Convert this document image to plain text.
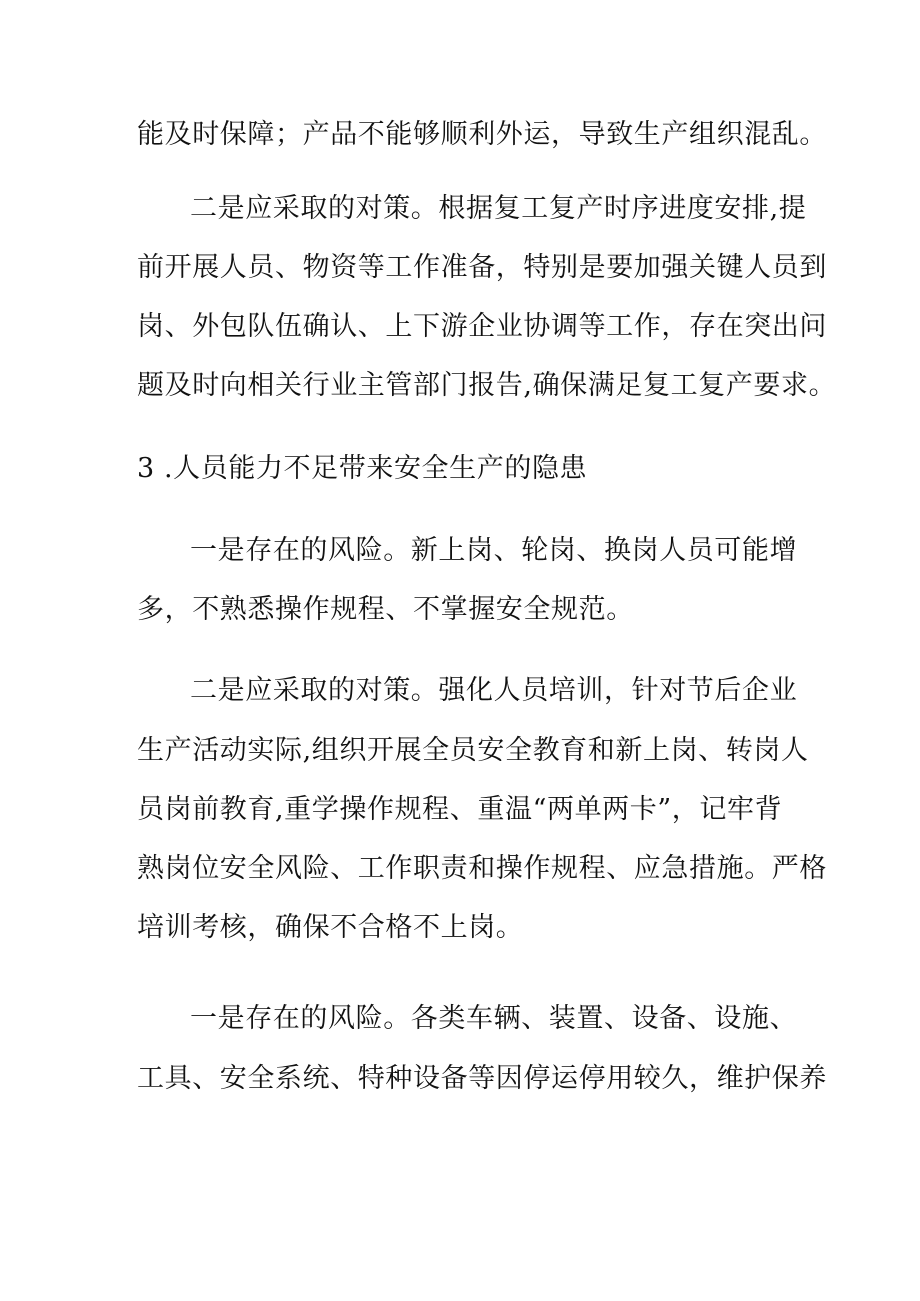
能及时保障；产品不能够顺利外运，导致生产组织混乱。
二是应采取的对策。根据复工复产时序进度安排,提
前开展人员、物资等工作准备，特别是要加强关键人员到
岗、外包队伍确认、上下游企业协调等工作，存在突出问
题及时向相关行业主管部门报告,确保满足复工复产要求。
3 .人员能力不足带来安全生产的隐患
一是存在的风险。新上岗、轮岗、换岗人员可能增
多，不熟悉操作规程、不掌握安全规范。
二是应采取的对策。强化人员培训，针对节后企业
生产活动实际,组织开展全员安全教育和新上岗、转岗人
员岗前教育,重学操作规程、重温“两单两卡”，记牢背
熟岗位安全风险、工作职责和操作规程、应急措施。严格
培训考核，确保不合格不上岗。
一是存在的风险。各类车辆、装置、设备、设施、
工具、安全系统、特种设备等因停运停用较久，维护保养
